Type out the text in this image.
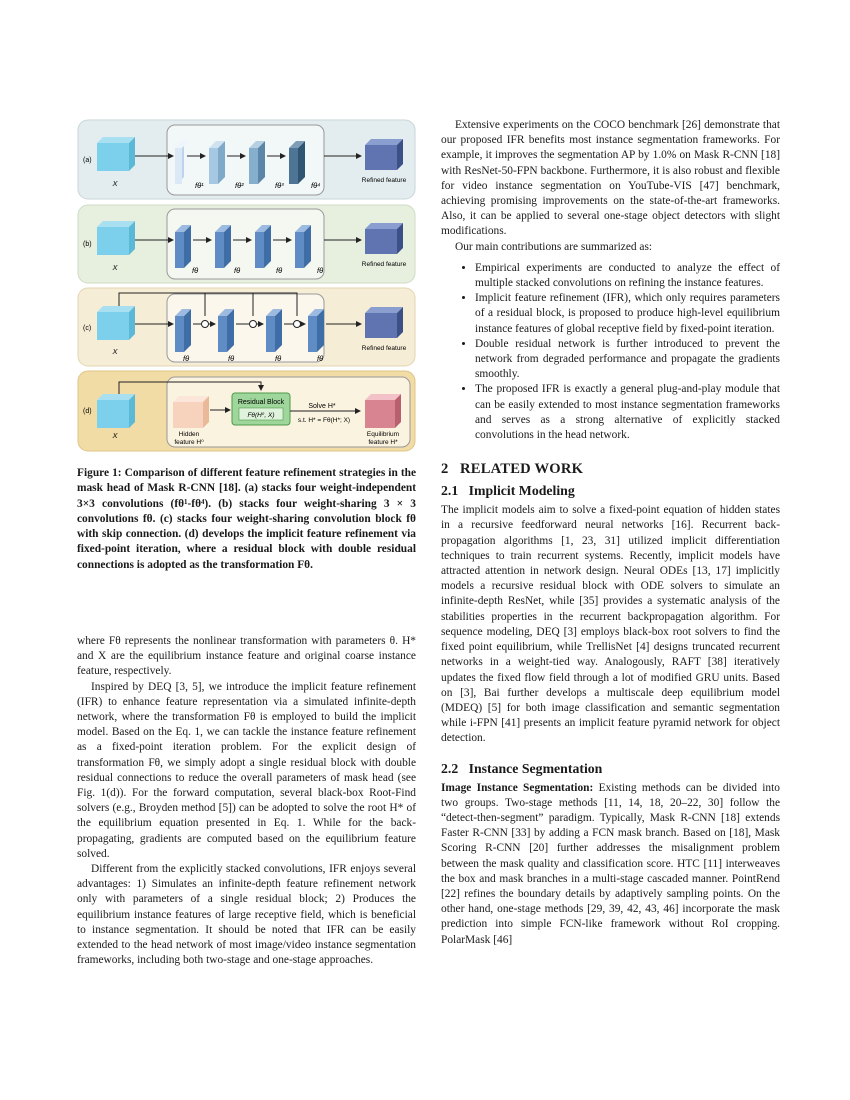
(a)
X	fθ¹	fθ²	fθ³	fθ⁴
Refined feature
(b)
X	fθ	fθ	fθ	fθ
Refined feature
(c)
X
fθ	fθ	fθ	fθ
Refined feature
(d)
X	Hidden
feature H⁰
Residual Block
Fθ(H⁰, X)
Solve H*
s.t. H* = Fθ(H*; X)
Equilibrium
feature H*

Figure 1: Comparison of different feature refinement strategies in the mask head of Mask R-CNN [18]. (a) stacks four weight-independent 3×3 convolutions (fθ¹-fθ⁴). (b) stacks four weight-sharing 3 × 3 convolutions fθ. (c) stacks four weight-sharing convolution block fθ with skip connection. (d) develops the implicit feature refinement via fixed-point iteration, where a residual block with double residual connections is adopted as the transformation Fθ.

where Fθ represents the nonlinear transformation with parameters θ. H* and X are the equilibrium instance feature and original coarse instance feature, respectively.

Inspired by DEQ [3, 5], we introduce the implicit feature refinement (IFR) to enhance feature representation via a simulated infinite-depth network, where the transformation Fθ is employed to build the implicit model. Based on the Eq. 1, we can tackle the instance feature refinement as a fixed-point iteration problem. For the explicit design of transformation Fθ, we simply adopt a single residual block with double residual connections to reduce the overall parameters of mask head (see Fig. 1(d)). For the forward computation, several black-box Root-Find solvers (e.g., Broyden method [5]) can be adopted to solve the root H* of the equilibrium equation presented in Eq. 1. While for the back-propagating, gradients are computed based on the equilibrium feature solved.

Different from the explicitly stacked convolutions, IFR enjoys several advantages: 1) Simulates an infinite-depth feature refinement network only with parameters of a single residual block; 2) Produces the equilibrium instance features of large receptive field, which is beneficial to instance segmentation. It should be noted that IFR can be easily extended to the head network of most image/video instance segmentation frameworks, including both two-stage and one-stage approaches.

Extensive experiments on the COCO benchmark [26] demonstrate that our proposed IFR benefits most instance segmentation frameworks. For example, it improves the segmentation AP by 1.0% on Mask R-CNN [18] with ResNet-50-FPN backbone. Furthermore, it is also robust and flexible for video instance segmentation on YouTube-VIS [47] benchmark, achieving promising improvements on the state-of-the-art frameworks. Also, it can be applied to several one-stage object detectors with slight modifications.

Our main contributions are summarized as:

• Empirical experiments are conducted to analyze the effect of multiple stacked convolutions on refining the instance features.
• Implicit feature refinement (IFR), which only requires parameters of a residual block, is proposed to produce high-level equilibrium instance features of global receptive field by fixed-point iteration.
• Double residual network is further introduced to prevent the network from degraded performance and propagate the gradients smoothly.
• The proposed IFR is exactly a general plug-and-play module that can be easily extended to most instance segmentation frameworks and serves as a strong alternative of explicitly stacked convolutions in the head network.
2   RELATED WORK
2.1   Implicit Modeling

The implicit models aim to solve a fixed-point equation of hidden states in a recursive feedforward neural networks [16]. Recurrent back-propagation algorithms [1, 23, 31] utilized implicit differentiation techniques to train recurrent systems. Recently, implicit models have attracted attention in network design. Neural ODEs [13, 17] implicitly models a recursive residual block with ODE solvers to simulate an infinite-depth ResNet, while [35] provides a systematic analysis of the stabilities properties in the recurrent backpropagation algorithm. For sequence modeling, DEQ [3] employs black-box root solvers to find the fixed point equilibrium, while TrellisNet [4] designs truncated recurrent networks in a weight-tied way. Analogously, RAFT [38] iteratively updates the fixed flow field through a lot of modified GRU units. Based on [3], Bai further develops a multiscale deep equilibrium model (MDEQ) [5] for both image classification and semantic segmentation while i-FPN [41] presents an implicit feature pyramid network for object detection.

2.2   Instance Segmentation

Image Instance Segmentation: Existing methods can be divided into two groups. Two-stage methods [11, 14, 18, 20–22, 30] follow the “detect-then-segment” paradigm. Typically, Mask R-CNN [18] extends Faster R-CNN [33] by adding a FCN mask branch. Based on [18], Mask Scoring R-CNN [20] further addresses the misalignment problem between the mask quality and classification score. HTC [11] interweaves the box and mask branches in a multi-stage cascaded manner. PointRend [22] refines the boundary details by adaptively sampling points. On the other hand, one-stage methods [29, 39, 42, 43, 46] incorporate the mask prediction into simple FCN-like framework without RoI cropping. PolarMask [46]
